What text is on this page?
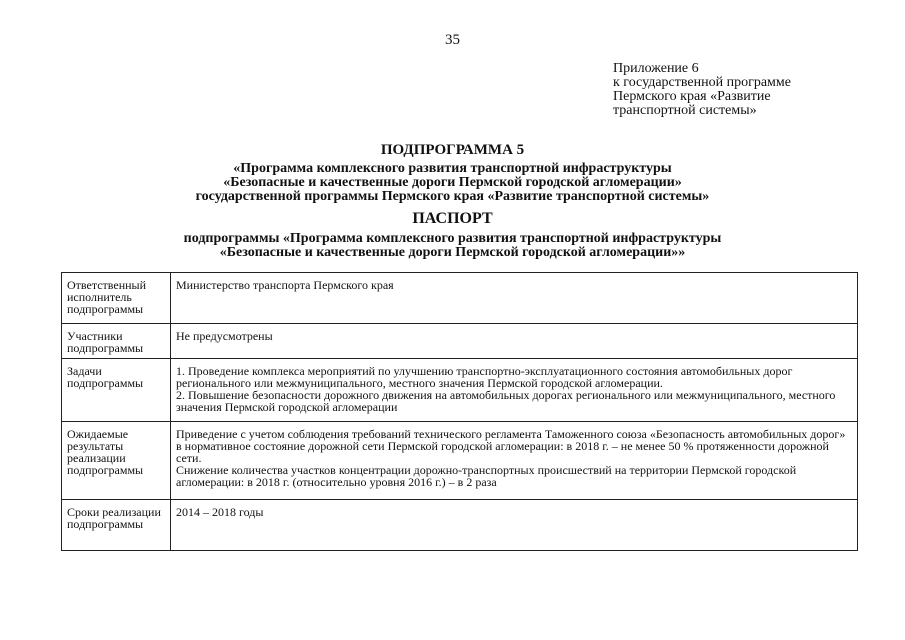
35
Приложение 6
к государственной программе
Пермского края «Развитие
транспортной системы»
ПОДПРОГРАММА 5
«Программа комплексного развития транспортной инфраструктуры
«Безопасные и качественные дороги Пермской городской агломерации»
государственной программы Пермского края «Развитие транспортной системы»
ПАСПОРТ
подпрограммы «Программа комплексного развития транспортной инфраструктуры
«Безопасные и качественные дороги Пермской городской агломерации»»
Ответственный исполнитель подпрограммы	Министерство транспорта Пермского края

Участники подпрограммы	Не предусмотрены

Задачи подпрограммы	1. Проведение комплекса мероприятий по улучшению транспортно-эксплуатационного состояния автомобильных дорог регионального или межмуниципального, местного значения Пермской городской агломерации.
2. Повышение безопасности дорожного движения на автомобильных дорогах регионального или межмуниципального, местного значения Пермской городской агломерации

Ожидаемые результаты реализации подпрограммы	Приведение с учетом соблюдения требований технического регламента Таможенного союза «Безопасность автомобильных дорог» в нормативное состояние дорожной сети Пермской городской агломерации: в 2018 г. – не менее 50 % протяженности дорожной сети.
Снижение количества участков концентрации дорожно-транспортных происшествий на территории Пермской городской агломерации: в 2018 г. (относительно уровня 2016 г.) – в 2 раза

Сроки реализации подпрограммы	2014 – 2018 годы
